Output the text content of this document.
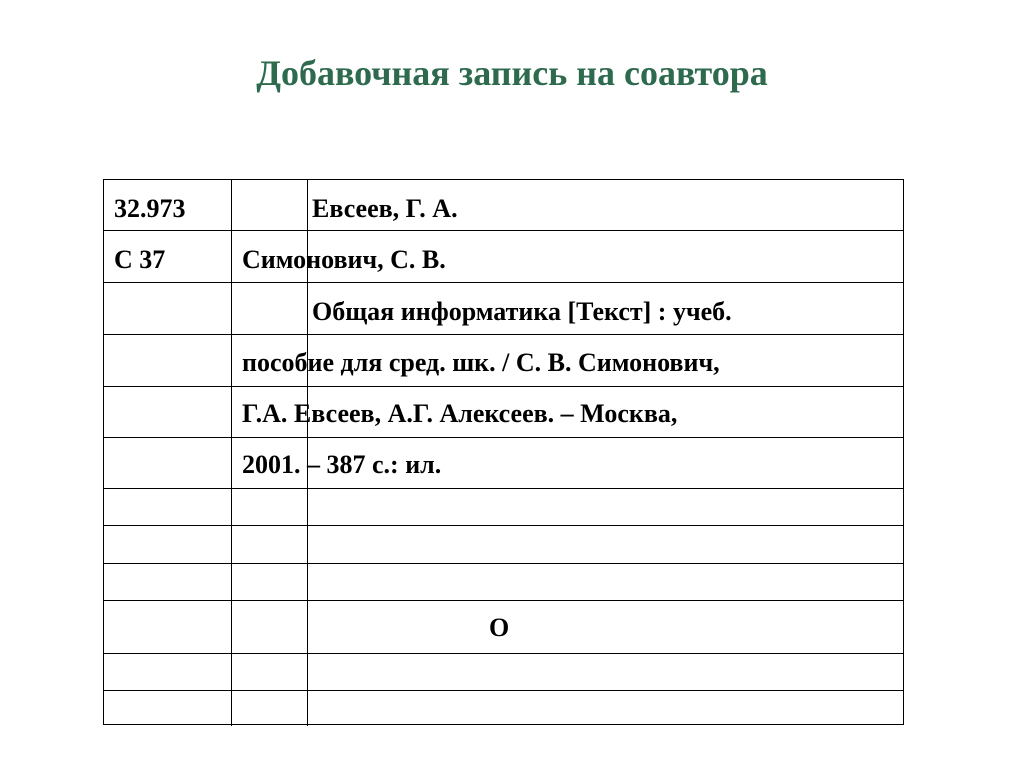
Добавочная запись на соавтора
32.973
С 37
Евсеев, Г. А.
Симонович, С. В.
Общая информатика [Текст] : учеб.
пособие для сред. шк. / С. В. Симонович,
Г.А. Евсеев, А.Г. Алексеев. – Москва,
2001. – 387 с.: ил.
О
